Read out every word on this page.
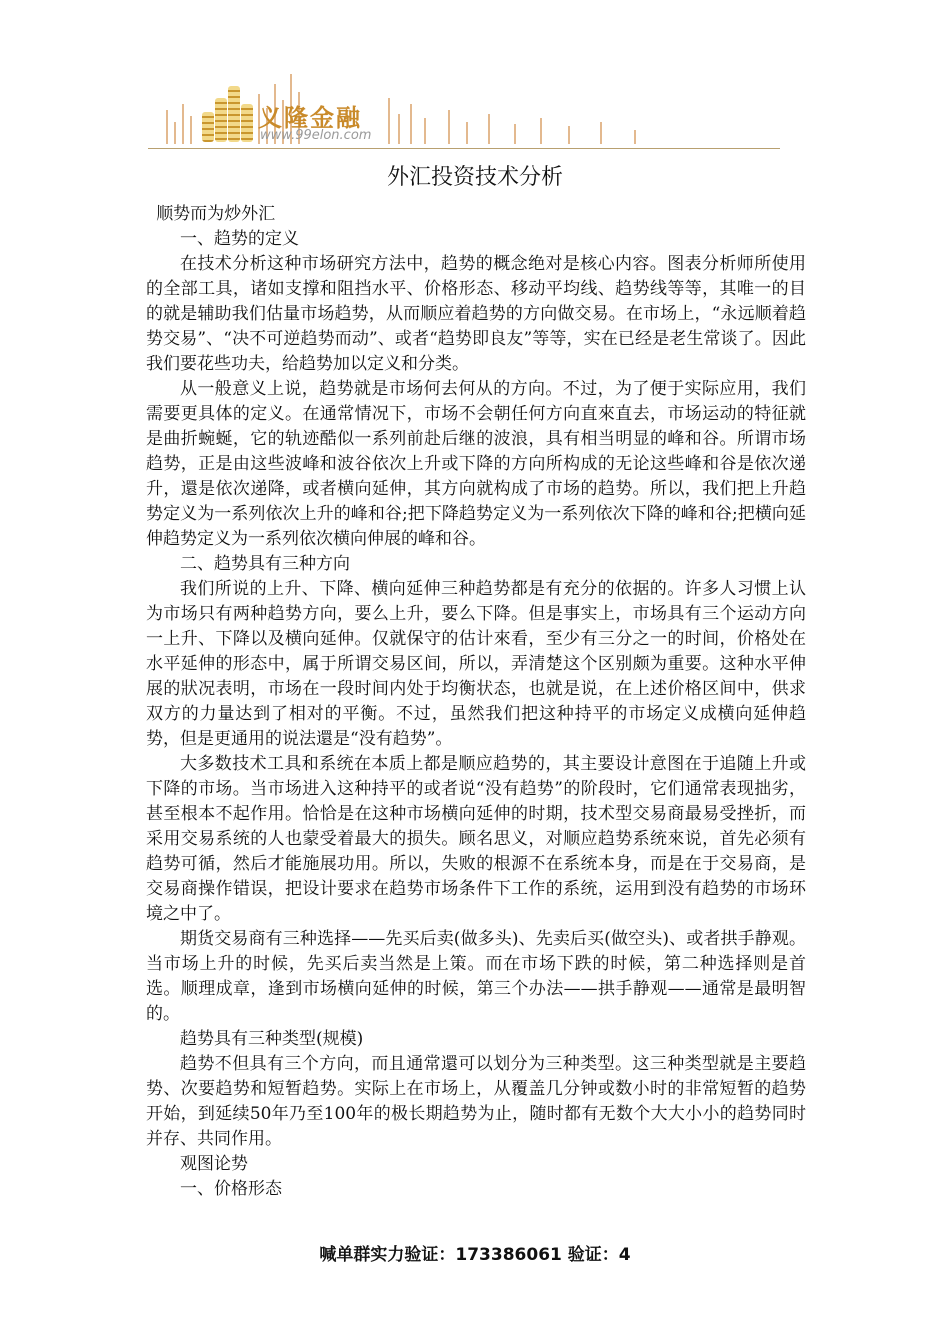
义隆金融
www.99elon.com
外汇投资技术分析

顺势而为炒外汇

一、趋势的定义

在技术分析这种市场研究方法中，趋势的概念绝对是核心内容。图表分析师所使用的全部工具，诸如支撑和阻挡水平、价格形态、移动平均线、趋势线等等，其唯一的目的就是辅助我们估量市场趋势，从而顺应着趋势的方向做交易。在市场上，“永远顺着趋势交易”、“决不可逆趋势而动”、或者“趋势即良友”等等，实在已经是老生常谈了。因此我们要花些功夫，给趋势加以定义和分类。

从一般意义上说，趋势就是市场何去何从的方向。不过，为了便于实际应用，我们需要更具体的定义。在通常情况下，市场不会朝任何方向直來直去，市场运动的特征就是曲折蜿蜒，它的轨迹酷似一系列前赴后继的波浪，具有相当明显的峰和谷。所谓市场趋势，正是由这些波峰和波谷依次上升或下降的方向所构成的无论这些峰和谷是依次递升，還是依次递降，或者横向延伸，其方向就构成了市场的趋势。所以，我们把上升趋势定义为一系列依次上升的峰和谷;把下降趋势定义为一系列依次下降的峰和谷;把横向延伸趋势定义为一系列依次横向伸展的峰和谷。

二、趋势具有三种方向

我们所说的上升、下降、横向延伸三种趋势都是有充分的依据的。许多人习惯上认为市场只有两种趋势方向，要么上升，要么下降。但是事实上，市场具有三个运动方向一上升、下降以及横向延伸。仅就保守的估计來看，至少有三分之一的时间，价格处在水平延伸的形态中，属于所谓交易区间，所以，弄清楚这个区别颇为重要。这种水平伸展的狀况表明，市场在一段时间内处于均衡状态，也就是说，在上述价格区间中，供求双方的力量达到了相对的平衡。不过，虽然我们把这种持平的市场定义成横向延伸趋势，但是更通用的说法還是“没有趋势”。

大多数技术工具和系统在本质上都是顺应趋势的，其主要设计意图在于追随上升或下降的市场。当市场进入这种持平的或者说“没有趋势”的阶段时，它们通常表现拙劣，甚至根本不起作用。恰恰是在这种市场横向延伸的时期，技术型交易商最易受挫折，而采用交易系统的人也蒙受着最大的损失。顾名思义，对顺应趋势系统來说，首先必须有趋势可循，然后才能施展功用。所以，失败的根源不在系统本身，而是在于交易商，是交易商操作错误，把设计要求在趋势市场条件下工作的系统，运用到没有趋势的市场环境之中了。

期货交易商有三种选择——先买后卖(做多头)、先卖后买(做空头)、或者拱手静观。当市场上升的时候，先买后卖当然是上策。而在市场下跌的时候，第二种选择则是首选。顺理成章，逢到市场横向延伸的时候，第三个办法——拱手静观——通常是最明智的。

趋势具有三种类型(规模)

趋势不但具有三个方向，而且通常還可以划分为三种类型。这三种类型就是主要趋势、次要趋势和短暂趋势。实际上在市场上，从覆盖几分钟或数小时的非常短暂的趋势开始，到延续50年乃至100年的极长期趋势为止，随时都有无数个大大小小的趋势同时并存、共同作用。

观图论势

一、价格形态

喊单群实力验证：173386061 验证：4
